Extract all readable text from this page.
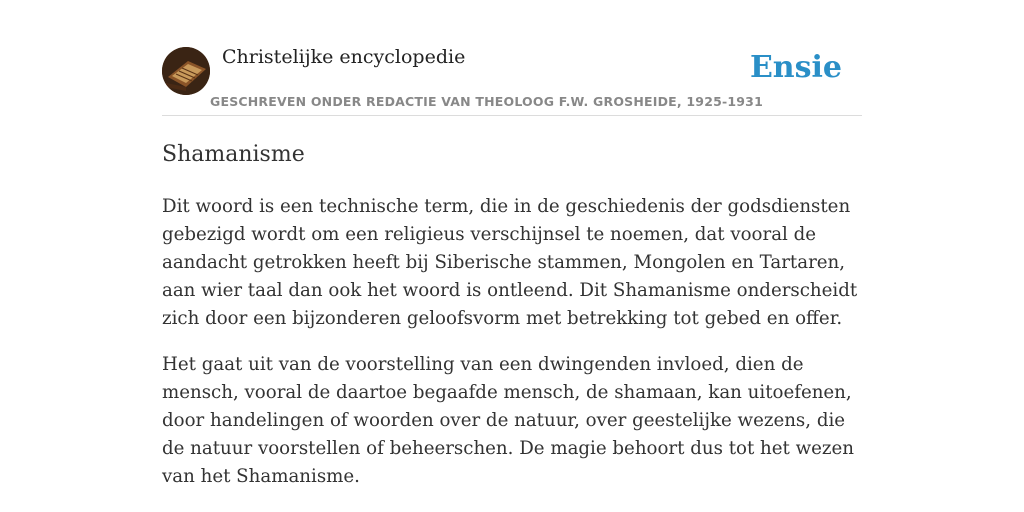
Christelijke encyclopedie
GESCHREVEN ONDER REDACTIE VAN THEOLOOG F.W. GROSHEIDE, 1925-1931
Ensie
Shamanisme

Dit woord is een technische term, die in de geschiedenis der godsdiensten gebezigd wordt om een religieus verschijnsel te noemen, dat vooral de aandacht getrokken heeft bij Siberische stammen, Mongolen en Tartaren, aan wier taal dan ook het woord is ontleend. Dit Shamanisme onderscheidt zich door een bijzonderen geloofsvorm met betrekking tot gebed en offer.

Het gaat uit van de voorstelling van een dwingenden invloed, dien de mensch, vooral de daartoe begaafde mensch, de shamaan, kan uitoefenen, door handelingen of woorden over de natuur, over geestelijke wezens, die de natuur voorstellen of beheerschen. De magie behoort dus tot het wezen van het Shamanisme.
